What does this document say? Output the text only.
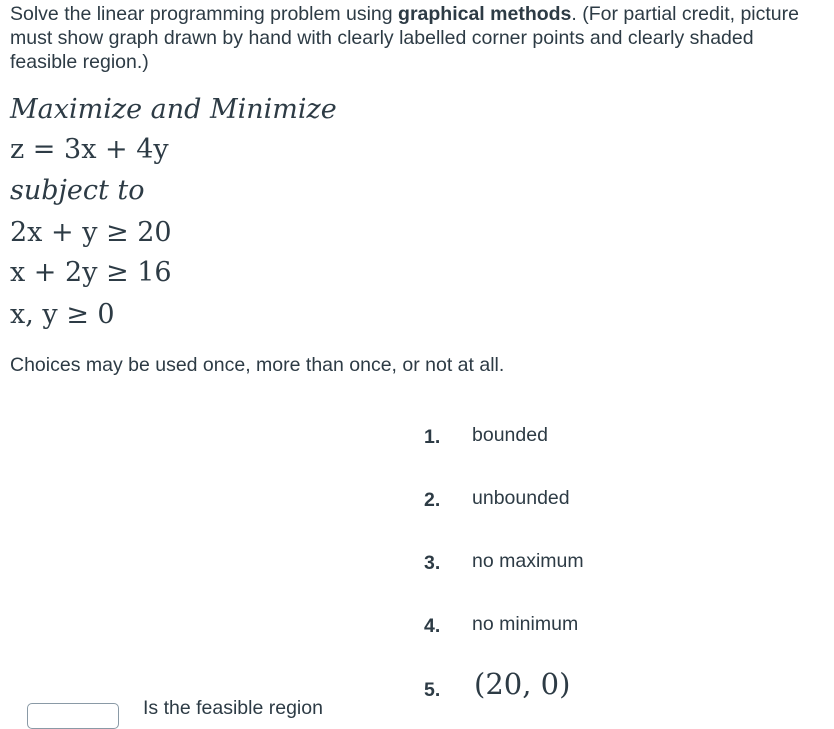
Solve the linear programming problem using graphical methods. (For partial credit, picture must show graph drawn by hand with clearly labelled corner points and clearly shaded feasible region.)
Maximize and Minimize
z = 3x + 4y
subject to
2x + y ≥ 20
x + 2y ≥ 16
x, y ≥ 0
Choices may be used once, more than once, or not at all.
1.	bounded
2.	unbounded
3.	no maximum
4.	no minimum
5.	(20, 0)
Is the feasible region
